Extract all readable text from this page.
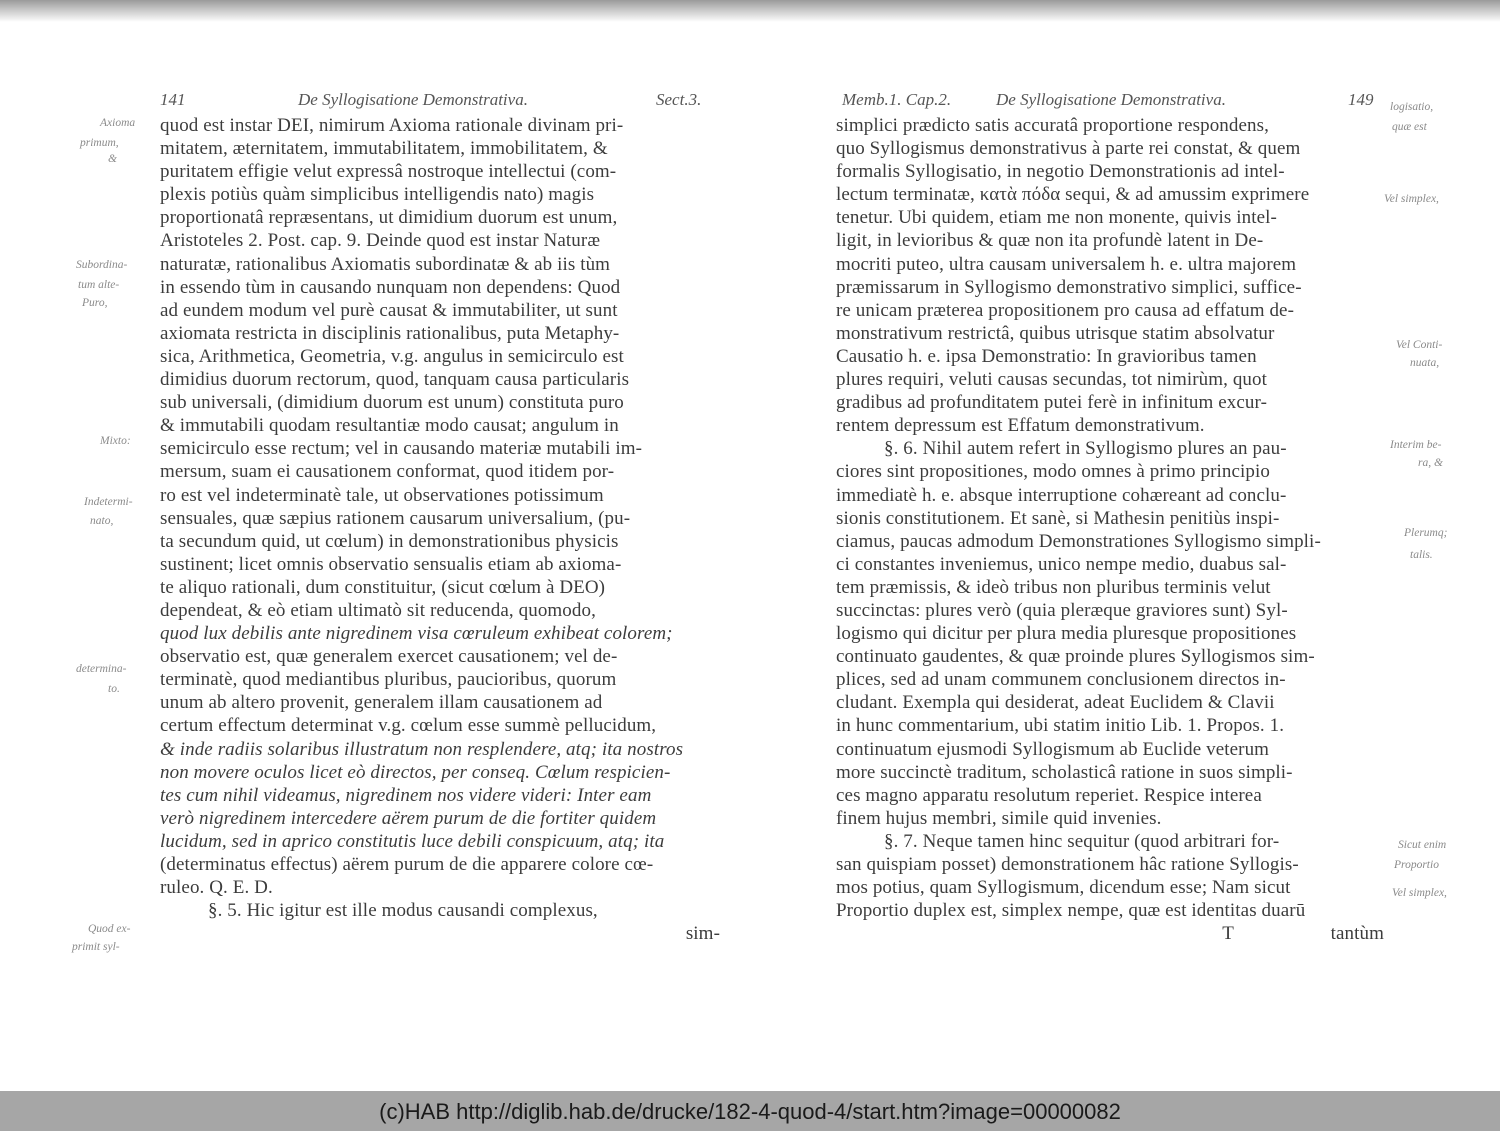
141	De Syllogisatione Demonstrativa.	Sect.3.
quod est instar DEI, nimirum Axioma rationale divinam pri-
mitatem, æternitatem, immutabilitatem, immobilitatem, &
puritatem effigie velut expressâ nostroque intellectui (com-
plexis potiùs quàm simplicibus intelligendis nato) magis
proportionatâ repræsentans, ut dimidium duorum est unum,
Aristoteles 2. Post. cap. 9. Deinde quod est instar Naturæ
naturatæ, rationalibus Axiomatis subordinatæ & ab iis tùm
in essendo tùm in causando nunquam non dependens: Quod
ad eundem modum vel purè causat & immutabiliter, ut sunt
axiomata restricta in disciplinis rationalibus, puta Metaphy-
sica, Arithmetica, Geometria, v.g. angulus in semicirculo est
dimidius duorum rectorum, quod, tanquam causa particularis
sub universali, (dimidium duorum est unum) constituta puro
& immutabili quodam resultantiæ modo causat; angulum in
semicirculo esse rectum; vel in causando materiæ mutabili im-
mersum, suam ei causationem conformat, quod itidem por-
ro est vel indeterminatè tale, ut observationes potissimum
sensuales, quæ sæpius rationem causarum universalium, (pu-
ta secundum quid, ut cœlum) in demonstrationibus physicis
sustinent; licet omnis observatio sensualis etiam ab axioma-
te aliquo rationali, dum constituitur, (sicut cœlum à DEO)
dependeat, & eò etiam ultimatò sit reducenda, quomodo,
quod lux debilis ante nigredinem visa cœruleum exhibeat colorem;
observatio est, quæ generalem exercet causationem; vel de-
terminatè, quod mediantibus pluribus, paucioribus, quorum
unum ab altero provenit, generalem illam causationem ad
certum effectum determinat v.g. cœlum esse summè pellucidum,
& inde radiis solaribus illustratum non resplendere, atq; ita nostros
non movere oculos licet eò directos, per conseq. Cœlum respicien-
tes cum nihil videamus, nigredinem nos videre videri: Inter eam
verò nigredinem intercedere aërem purum de die fortiter quidem
lucidum, sed in aprico constitutis luce debili conspicuum, atq; ita
(determinatus effectus) aërem purum de die apparere colore cœ-
ruleo. Q. E. D.
§. 5. Hic igitur est ille modus causandi complexus,
sim-
Axioma
primum,
&
Subordina-
tum alte-
Puro,
Mixto:
Indetermi-
nato,
determina-
to.
Quod ex-
primit syl-
Memb.1. Cap.2.	De Syllogisatione Demonstrativa.	149
simplici prædicto satis accuratâ proportione respondens,
quo Syllogismus demonstrativus à parte rei constat, & quem
formalis Syllogisatio, in negotio Demonstrationis ad intel-
lectum terminatæ, κατὰ πόδα sequi, & ad amussim exprimere
tenetur. Ubi quidem, etiam me non monente, quivis intel-
ligit, in levioribus & quæ non ita profundè latent in De-
mocriti puteo, ultra causam universalem h. e. ultra majorem
præmissarum in Syllogismo demonstrativo simplici, suffice-
re unicam præterea propositionem pro causa ad effatum de-
monstrativum restrictâ, quibus utrisque statim absolvatur
Causatio h. e. ipsa Demonstratio: In gravioribus tamen
plures requiri, veluti causas secundas, tot nimirùm, quot
gradibus ad profunditatem putei ferè in infinitum excur-
rentem depressum est Effatum demonstrativum.
§. 6. Nihil autem refert in Syllogismo plures an pau-
ciores sint propositiones, modo omnes à primo principio
immediatè h. e. absque interruptione cohæreant ad conclu-
sionis constitutionem. Et sanè, si Mathesin penitiùs inspi-
ciamus, paucas admodum Demonstrationes Syllogismo simpli-
ci constantes inveniemus, unico nempe medio, duabus sal-
tem præmissis, & ideò tribus non pluribus terminis velut
succinctas: plures verò (quia pleræque graviores sunt) Syl-
logismo qui dicitur per plura media pluresque propositiones
continuato gaudentes, & quæ proinde plures Syllogismos sim-
plices, sed ad unam communem conclusionem directos in-
cludant. Exempla qui desiderat, adeat Euclidem & Clavii
in hunc commentarium, ubi statim initio Lib. 1. Propos. 1.
continuatum ejusmodi Syllogismum ab Euclide veterum
more succinctè traditum, scholasticâ ratione in suos simpli-
ces magno apparatu resolutum reperiet. Respice interea
finem hujus membri, simile quid invenies.
§. 7. Neque tamen hinc sequitur (quod arbitrari for-
san quispiam posset) demonstrationem hâc ratione Syllogis-
mos potius, quam Syllogismum, dicendum esse; Nam sicut
Proportio duplex est, simplex nempe, quæ est identitas duarū
T                    tantùm
logisatio,
quæ est
Vel simplex,
Vel Conti-
nuata,
Interim be-
ra, &
Plerumq;
talis.
Sicut enim
Proportio
Vel simplex,
(c)HAB http://diglib.hab.de/drucke/182-4-quod-4/start.htm?image=00000082
